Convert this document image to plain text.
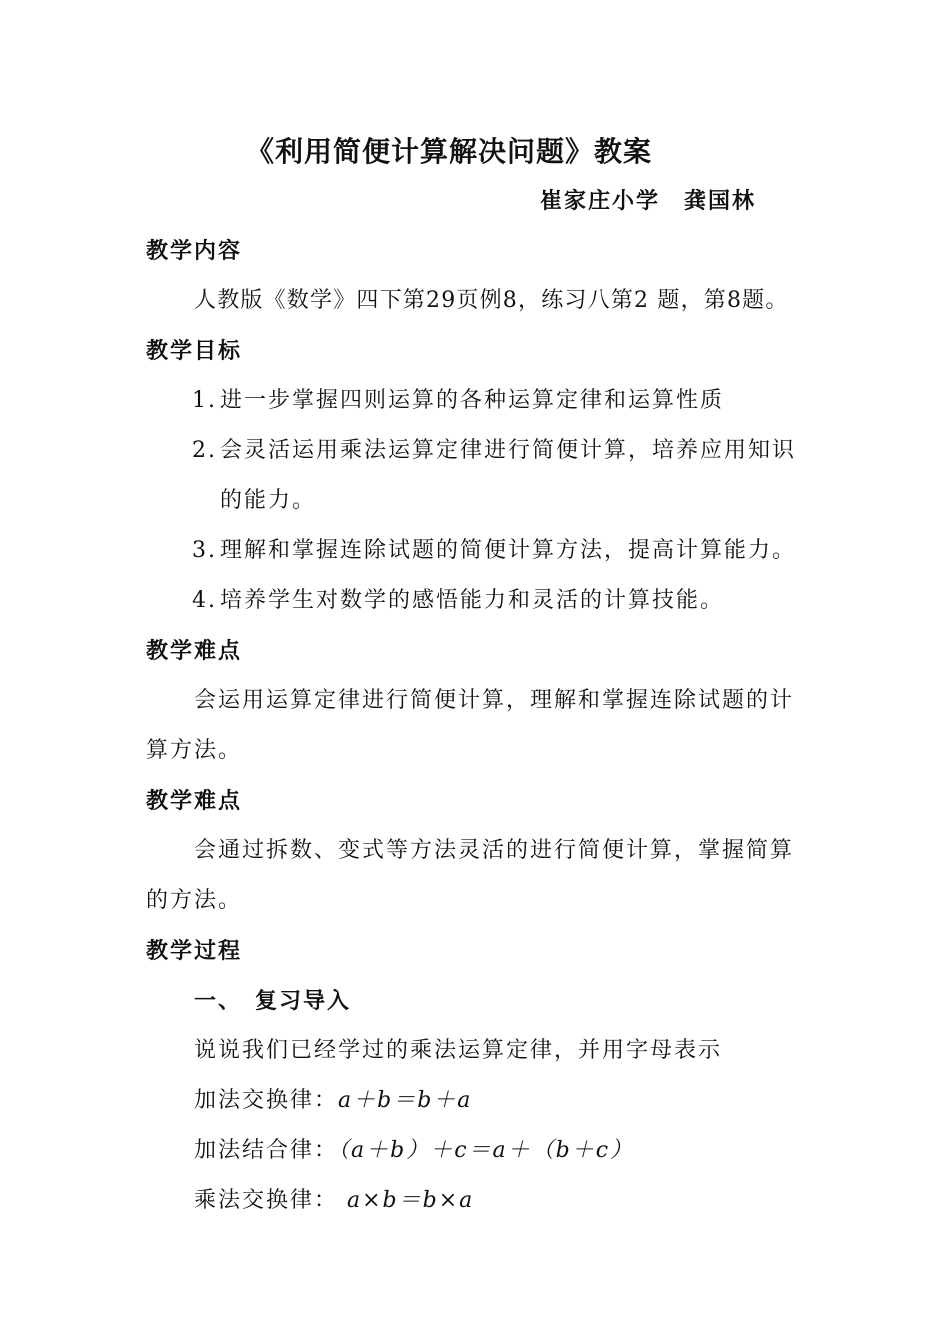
《利用简便计算解决问题》教案
崔家庄小学　龚国林
教学内容
人教版《数学》四下第29页例8，练习八第2 题，第8题。
教学目标
1. 进一步掌握四则运算的各种运算定律和运算性质
2. 会灵活运用乘法运算定律进行简便计算，培养应用知识
的能力。
3. 理解和掌握连除试题的简便计算方法，提高计算能力。
4. 培养学生对数学的感悟能力和灵活的计算技能。
教学难点
会运用运算定律进行简便计算，理解和掌握连除试题的计
算方法。
教学难点
会通过拆数、变式等方法灵活的进行简便计算，掌握简算
的方法。
教学过程
一、　复习导入
说说我们已经学过的乘法运算定律，并用字母表示
加法交换律：a＋b＝b＋a
加法结合律：（a＋b）＋c＝a＋（b＋c）
乘法交换律： a×b＝b×a
